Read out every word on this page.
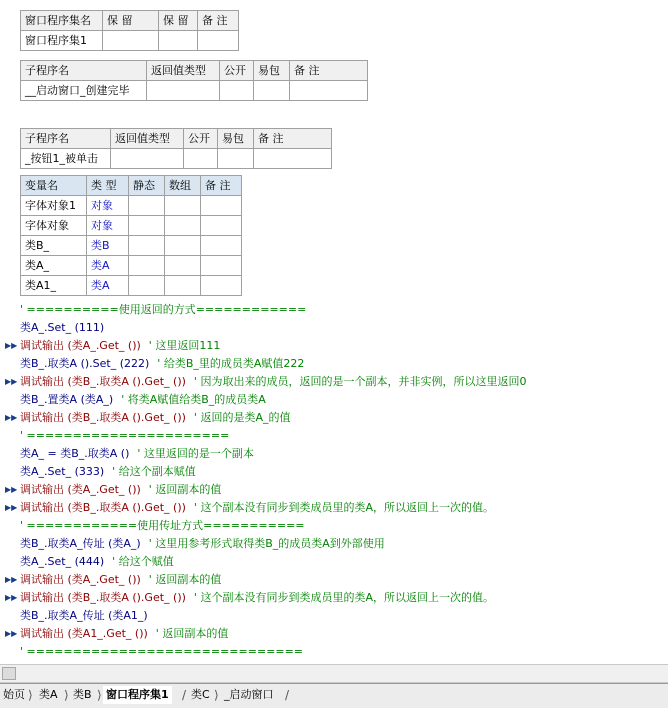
窗口程序集名	保 留	保 留	备 注
窗口程序集1			
子程序名	返回值类型	公开	易包	备 注
__启动窗口_创建完毕				
子程序名	返回值类型	公开	易包	备 注
_按钮1_被单击				
变量名	类 型	静态	数组	备 注
字体对象1	对象			
字体对象	对象			
类B_	类B			
类A_	类A			
类A1_	类A			
' ==========使用返回的方式============
类A_.Set_ (111)
▶▶ 调试输出 (类A_.Get_ ()) ' 这里返回111
类B_.取类A ().Set_ (222) ' 给类B_里的成员类A赋值222
▶▶ 调试输出 (类B_.取类A ().Get_ ()) ' 因为取出来的成员，返回的是一个副本，并非实例，所以这里返回0
类B_.置类A (类A_) ' 将类A赋值给类B_的成员类A
▶▶ 调试输出 (类B_.取类A ().Get_ ()) ' 返回的是类A_的值
' ======================
类A_ = 类B_.取类A () ' 这里返回的是一个副本
类A_.Set_ (333) ' 给这个副本赋值
▶▶ 调试输出 (类A_.Get_ ()) ' 返回副本的值
▶▶ 调试输出 (类B_.取类A ().Get_ ()) ' 这个副本没有同步到类成员里的类A，所以返回上一次的值。
' ============使用传址方式===========
类B_.取类A_传址 (类A_) ' 这里用参考形式取得类B_的成员类A到外部使用
类A_.Set_ (444) ' 给这个赋值
▶▶ 调试输出 (类A_.Get_ ()) ' 返回副本的值
▶▶ 调试输出 (类B_.取类A ().Get_ ()) ' 这个副本没有同步到类成员里的类A，所以返回上一次的值。
类B_.取类A_传址 (类A1_)
▶▶ 调试输出 (类A1_.Get_ ()) ' 返回副本的值
' ==============================
始页 ⟩ 类A ⟩ 类B ⟩ 窗口程序集1 / 类C ⟩ _启动窗口 /
